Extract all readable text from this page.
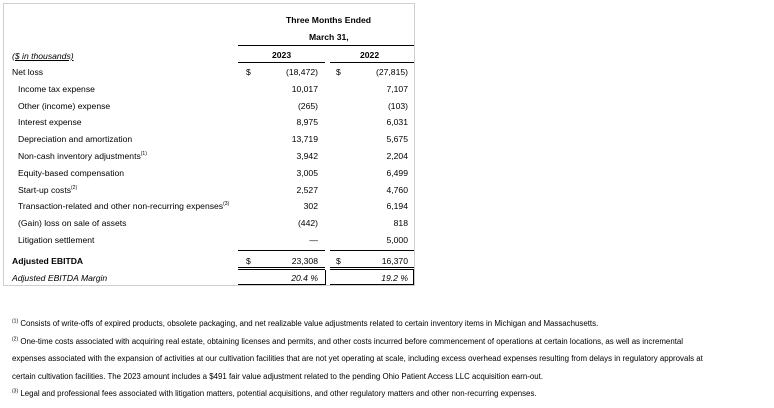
Three Months Ended
March 31,
2023	2022
($ in thousands)
Net loss	$	(18,472) $	(27,815)
Income tax expense	10,017	7,107
Other (income) expense	(265)	(103)
Interest expense	8,975	6,031
Depreciation and amortization	13,719	5,675
Non-cash inventory adjustments$^{(1)}$	3,942	2,204
Equity-based compensation	3,005	6,499
Start-up costs$^{(2)}$	2,527	4,760
Transaction-related and other non-recurring expenses$^{(3)}$	302	6,194
(Gain) loss on sale of assets	(442)	818
Litigation settlement	—	5,000
Adjusted EBITDA	$	23,308 $	16,370
Adjusted EBITDA Margin	20.4 %	19.2 %
$^{(1)}$ Consists of write-offs of expired products, obsolete packaging, and net realizable value adjustments related to certain inventory items in Michigan and Massachusetts.
$^{(2)}$ One-time costs associated with acquiring real estate, obtaining licenses and permits, and other costs incurred before commencement of operations at certain locations, as well as incremental
expenses associated with the expansion of activities at our cultivation facilities that are not yet operating at scale, including excess overhead expenses resulting from delays in regulatory approvals at
certain cultivation facilities. The 2023 amount includes a $491 fair value adjustment related to the pending Ohio Patient Access LLC acquisition earn-out.
$^{(3)}$ Legal and professional fees associated with litigation matters, potential acquisitions, and other regulatory matters and other non-recurring expenses.
